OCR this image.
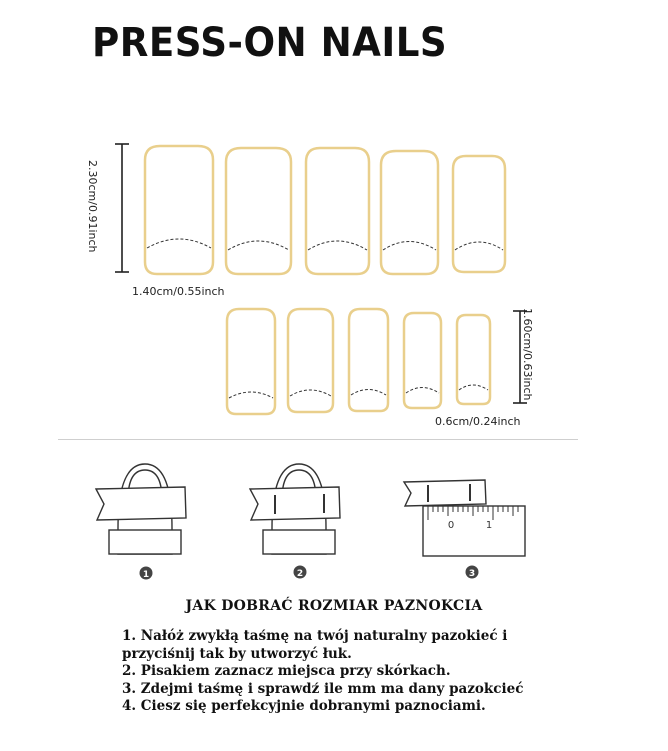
PRESS-ON NAILS
2.30cm/0.91inch
1.40cm/0.55inch
1.60cm/0.63inch
0.6cm/0.24inch
0	1
1	2	3
JAK DOBRAĆ ROZMIAR PAZNOKCIA
1. Nałóż zwykłą taśmę na twój naturalny pazokieć i
przyciśnij tak by utworzyć łuk.
2. Pisakiem zaznacz miejsca przy skórkach.
3. Zdejmi taśmę i sprawdź ile mm ma dany pazokcieć
4. Ciesz się perfekcyjnie dobranymi paznociami.
